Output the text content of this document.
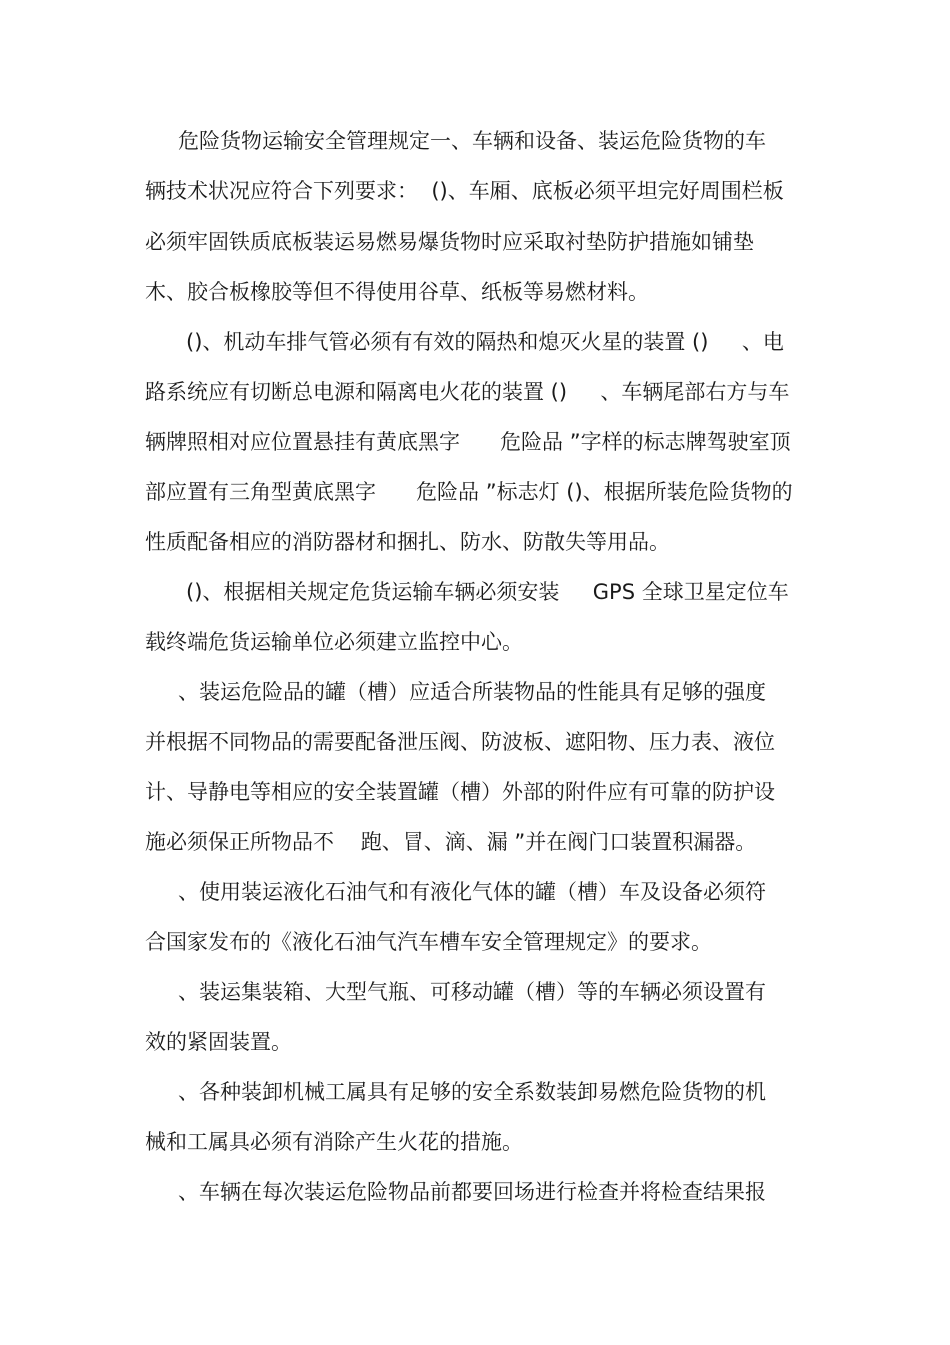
危险货物运输安全管理规定一、车辆和设备、装运危险货物的车
辆技术状况应符合下列要求：  ()、车厢、底板必须平坦完好周围栏板
必须牢固铁质底板装运易燃易爆货物时应采取衬垫防护措施如铺垫
木、胶合板橡胶等但不得使用谷草、纸板等易燃材料。
()、机动车排气管必须有有效的隔热和熄灭火星的装置 ()     、电
路系统应有切断总电源和隔离电火花的装置 ()     、车辆尾部右方与车
辆牌照相对应位置悬挂有黄底黑字      危险品 ”字样的标志牌驾驶室顶
部应置有三角型黄底黑字      危险品 ”标志灯 ()、根据所装危险货物的
性质配备相应的消防器材和捆扎、防水、防散失等用品。
()、根据相关规定危货运输车辆必须安装     GPS 全球卫星定位车
载终端危货运输单位必须建立监控中心。
、装运危险品的罐（槽）应适合所装物品的性能具有足够的强度
并根据不同物品的需要配备泄压阀、防波板、遮阳物、压力表、液位
计、导静电等相应的安全装置罐（槽）外部的附件应有可靠的防护设
施必须保正所物品不    跑、冒、滴、漏 ”并在阀门口装置积漏器。
、使用装运液化石油气和有液化气体的罐（槽）车及设备必须符
合国家发布的《液化石油气汽车槽车安全管理规定》的要求。
、装运集装箱、大型气瓶、可移动罐（槽）等的车辆必须设置有
效的紧固装置。
、各种装卸机械工属具有足够的安全系数装卸易燃危险货物的机
械和工属具必须有消除产生火花的措施。
、车辆在每次装运危险物品前都要回场进行检查并将检查结果报
